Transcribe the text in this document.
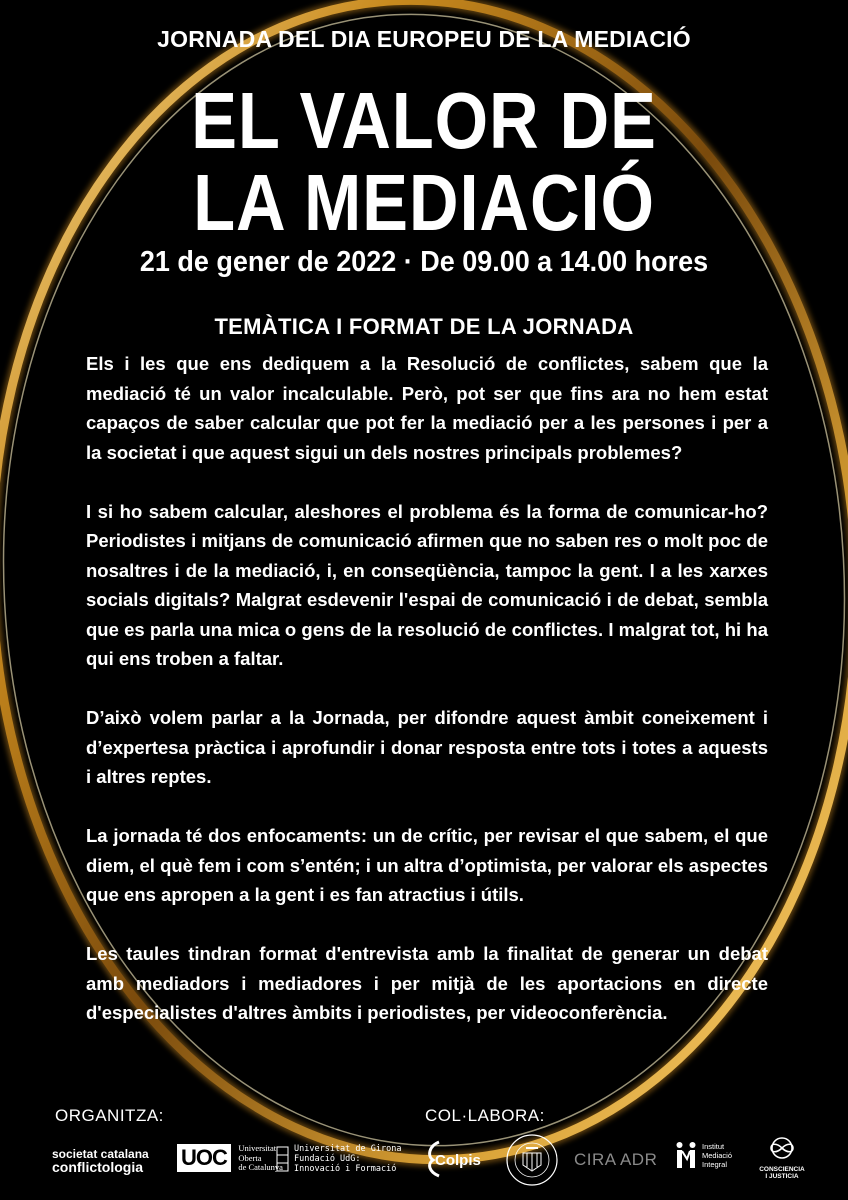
JORNADA DEL DIA EUROPEU DE LA MEDIACIÓ
EL VALOR DE
LA MEDIACIÓ
21 de gener de 2022 · De 09.00 a 14.00 hores
TEMÀTICA I FORMAT DE LA JORNADA

Els i les que ens dediquem a la Resolució de conflictes, sabem que la mediació té un valor incalculable. Però, pot ser que fins ara no hem estat capaços de saber calcular que pot fer la mediació per a les persones i per a la societat i que aquest sigui un dels nostres principals problemes?

I si ho sabem calcular, aleshores el problema és la forma de comunicar-ho? Periodistes i mitjans de comunicació afirmen que no saben res o molt poc de nosaltres i de la mediació, i, en conseqüència, tampoc la gent. I a les xarxes socials digitals? Malgrat esdevenir l'espai de comunicació i de debat, sembla que es parla una mica o gens de la resolució de conflictes. I malgrat tot, hi ha qui ens troben a faltar.

D’això volem parlar a la Jornada, per difondre aquest àmbit coneixement i d’expertesa pràctica i aprofundir i donar resposta entre tots i totes a aquests i altres reptes.

La jornada té dos enfocaments: un de crític, per revisar el que sabem, el que diem, el què fem i com s’entén; i un altra d’optimista, per valorar els aspectes que ens apropen a la gent i es fan atractius i útils.

Les taules tindran format d'entrevista amb la finalitat de generar un debat amb mediadors i mediadores i per mitjà de les aportacions en directe d'especialistes d'altres àmbits i periodistes, per videoconferència.

ORGANITZA:	COL·LABORA:
societat catalana
conflictologia UOC Universitat
Oberta
de Catalunya
Universitat de Girona
Fundació UdG:
Innovació i Formació	Colpis	CIRA ADR
Institut
Mediació
Integral
CONSCIENCIA
I JUSTICIA
